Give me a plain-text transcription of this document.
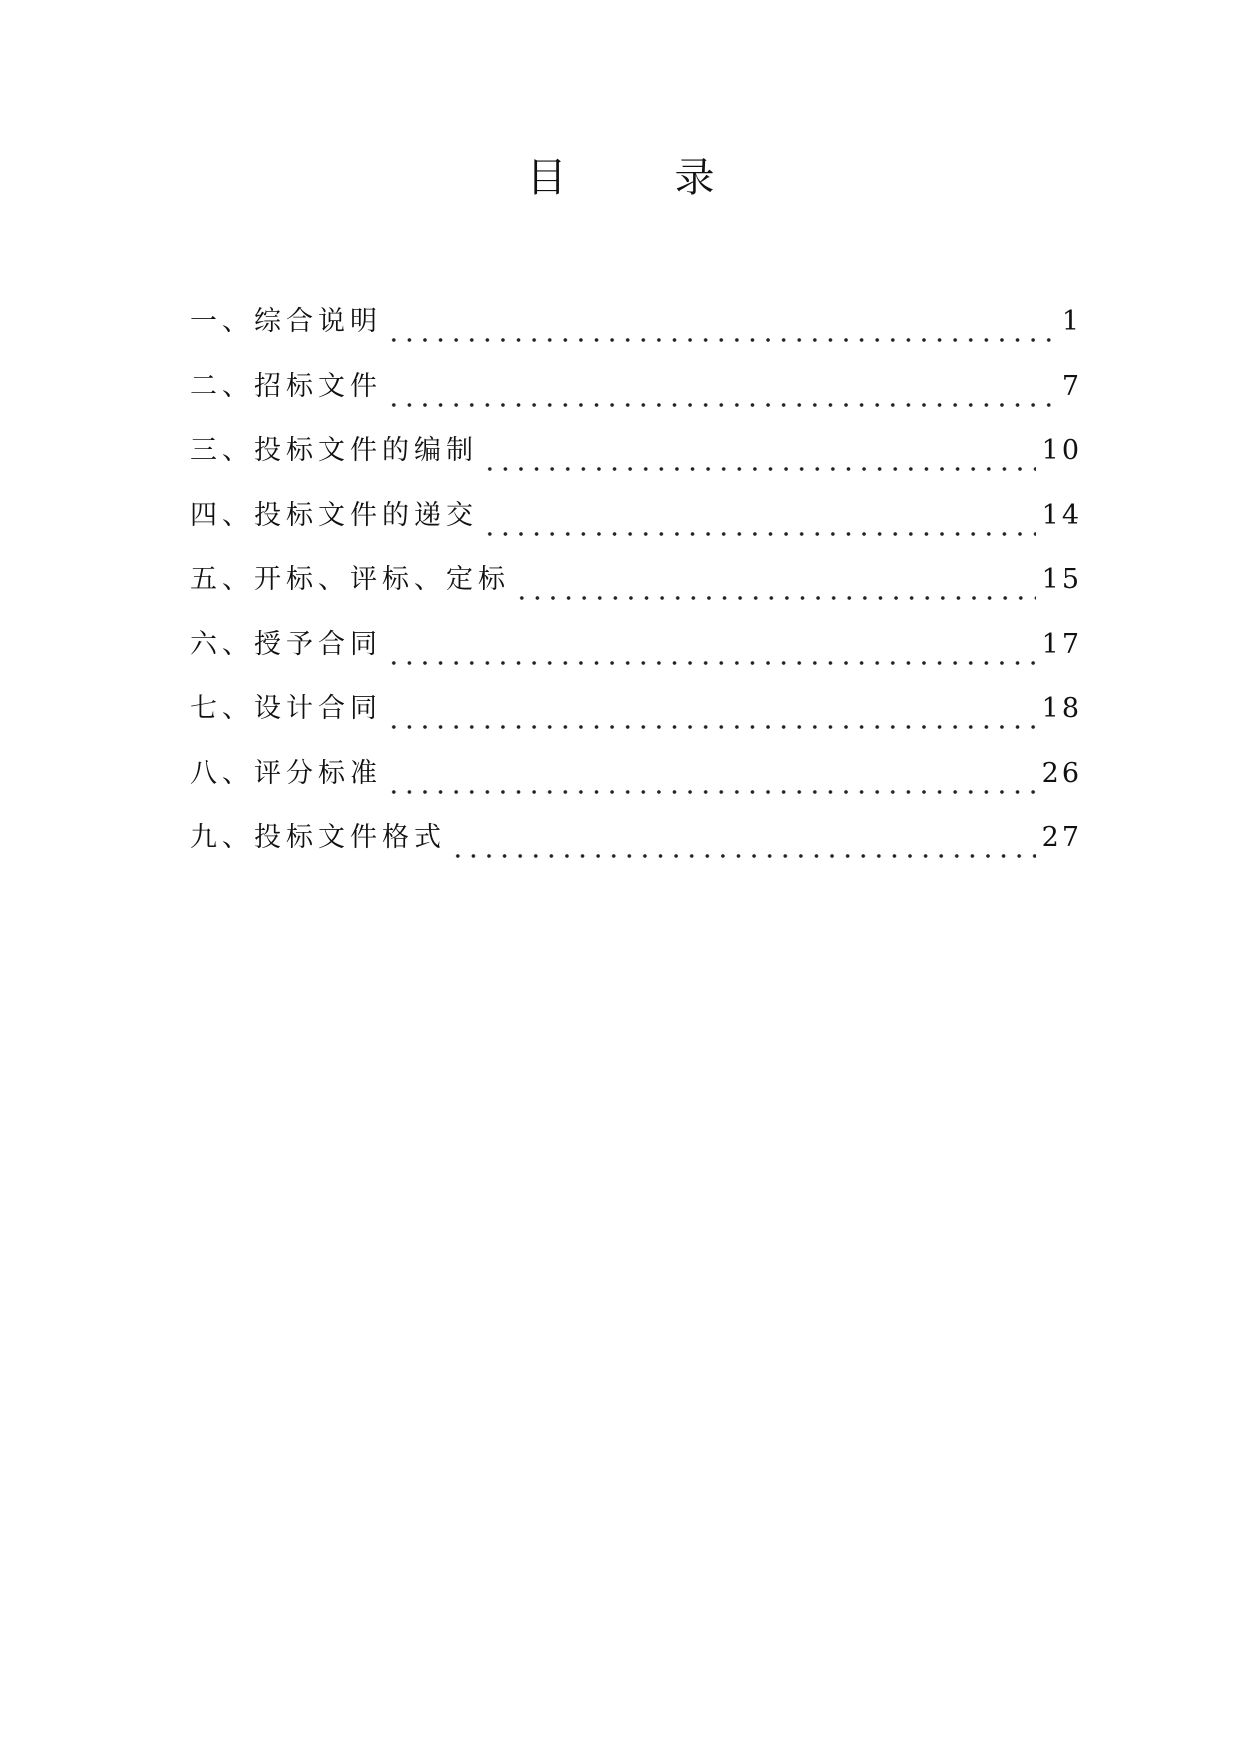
目　录
一、综合说明	1
二、招标文件	7
三、投标文件的编制	10
四、投标文件的递交	14
五、开标、评标、定标	15
六、授予合同	17
七、设计合同	18
八、评分标准	26
九、投标文件格式	27
